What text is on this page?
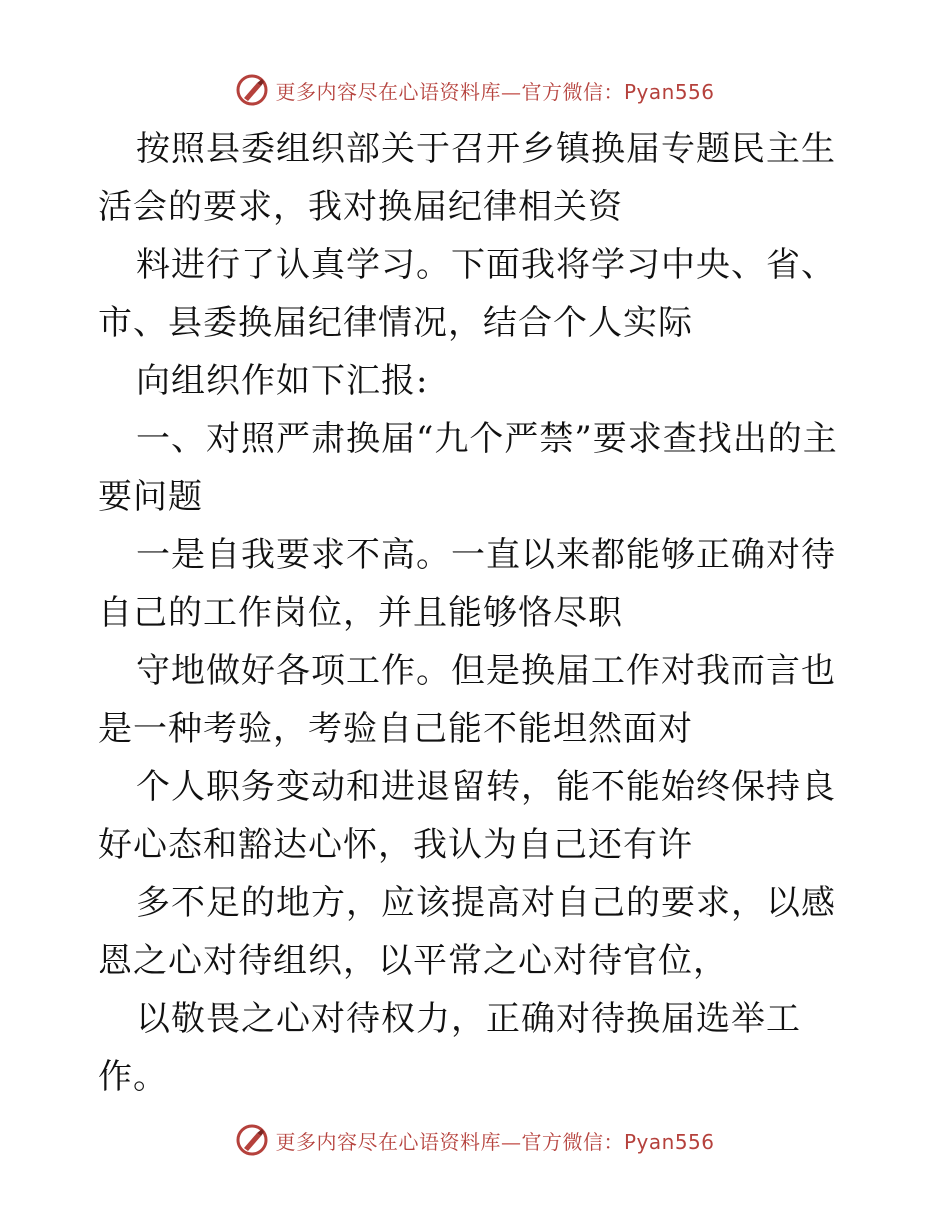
更多内容尽在心语资料库—官方微信：Pyan556

按照县委组织部关于召开乡镇换届专题民主生活会的要求，我对换届纪律相关资

料进行了认真学习。下面我将学习中央、省、市、县委换届纪律情况，结合个人实际

向组织作如下汇报:

一、对照严肃换届“九个严禁”要求查找出的主要问题

一是自我要求不高。一直以来都能够正确对待自己的工作岗位，并且能够恪尽职

守地做好各项工作。但是换届工作对我而言也是一种考验，考验自己能不能坦然面对

个人职务变动和进退留转，能不能始终保持良好心态和豁达心怀，我认为自己还有许

多不足的地方，应该提高对自己的要求，以感恩之心对待组织，以平常之心对待官位，

以敬畏之心对待权力，正确对待换届选举工作。

更多内容尽在心语资料库—官方微信：Pyan556
